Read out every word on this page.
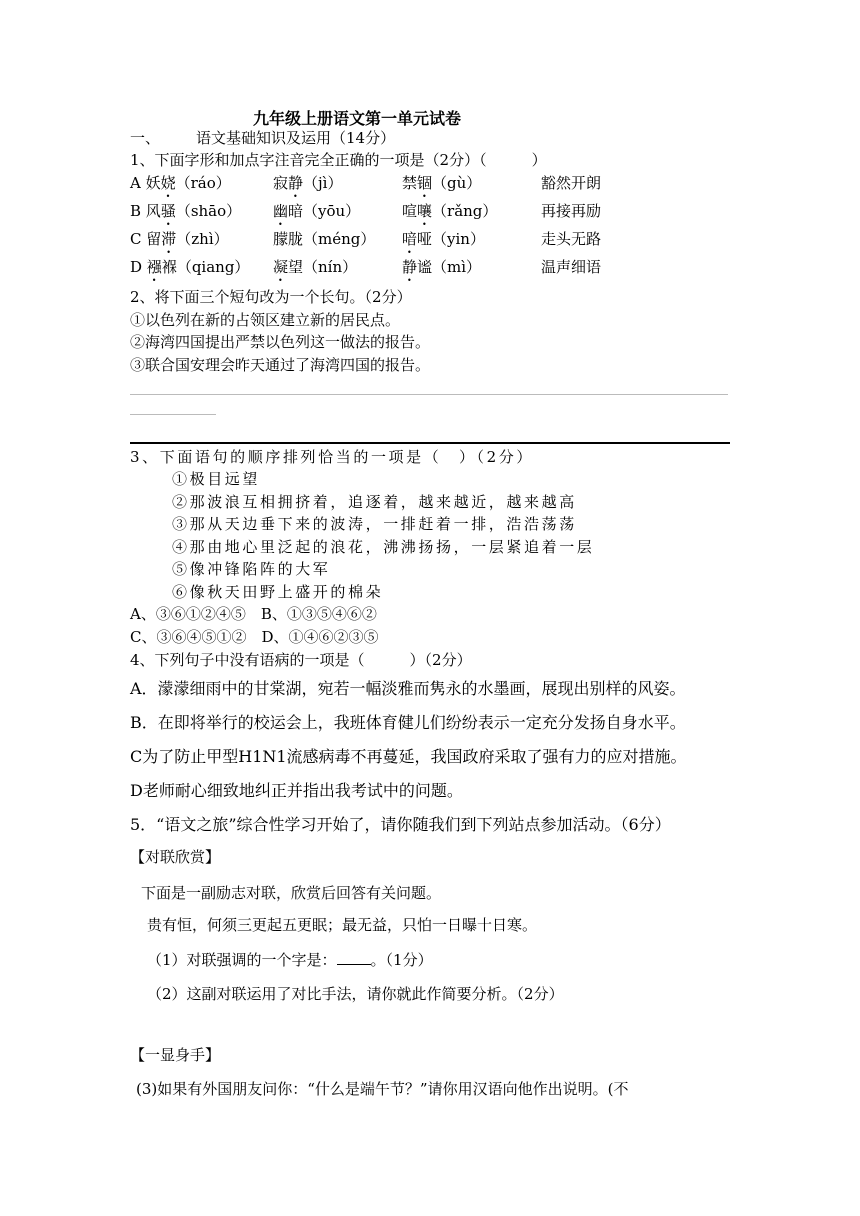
九年级上册语文第一单元试卷
一、 语文基础知识及运用（14分）
1、下面字形和加点字注音完全正确的一项是（2分）（　　　）
A 妖娆（ráo）	寂静（jì）	禁锢（gù）	豁然开朗
B 风骚（shāo） 幽暗（yōu）	喧嚷（rǎng）	再接再励
C 留滞（zhì）	朦胧（méng） 喑哑（yin）	走头无路
D 襁褓（qiang） 凝望（nín）	静谧（mì）	温声细语
2、将下面三个短句改为一个长句。（2分）
①以色列在新的占领区建立新的居民点。
②海湾四国提出严禁以色列这一做法的报告。
③联合国安理会昨天通过了海湾四国的报告。
3、下面语句的顺序排列恰当的一项是（　）（2分）
①极目远望
②那波浪互相拥挤着，追逐着，越来越近，越来越高
③那从天边垂下来的波涛，一排赶着一排，浩浩荡荡
④那由地心里泛起的浪花，沸沸扬扬，一层紧追着一层
⑤像冲锋陷阵的大军
⑥像秋天田野上盛开的棉朵
A、③⑥①②④⑤　B、①③⑤④⑥②
C、③⑥④⑤①②　D、①④⑥②③⑤
4、下列句子中没有语病的一项是（　　　）（2分）
A．濛濛细雨中的甘棠湖，宛若一幅淡雅而隽永的水墨画，展现出别样的风姿。
B．在即将举行的校运会上，我班体育健儿们纷纷表示一定充分发扬自身水平。
C为了防止甲型H1N1流感病毒不再蔓延，我国政府采取了强有力的应对措施。
D老师耐心细致地纠正并指出我考试中的问题。
5．“语文之旅”综合性学习开始了，请你随我们到下列站点参加活动。（6分）
【对联欣赏】
下面是一副励志对联，欣赏后回答有关问题。
贵有恒，何须三更起五更眠；最无益，只怕一日曝十日寒。
（1）对联强调的一个字是： 。（1分）
（2）这副对联运用了对比手法，请你就此作简要分析。（2分）
【一显身手】
(3)如果有外国朋友问你：“什么是端午节？”请你用汉语向他作出说明。(不
